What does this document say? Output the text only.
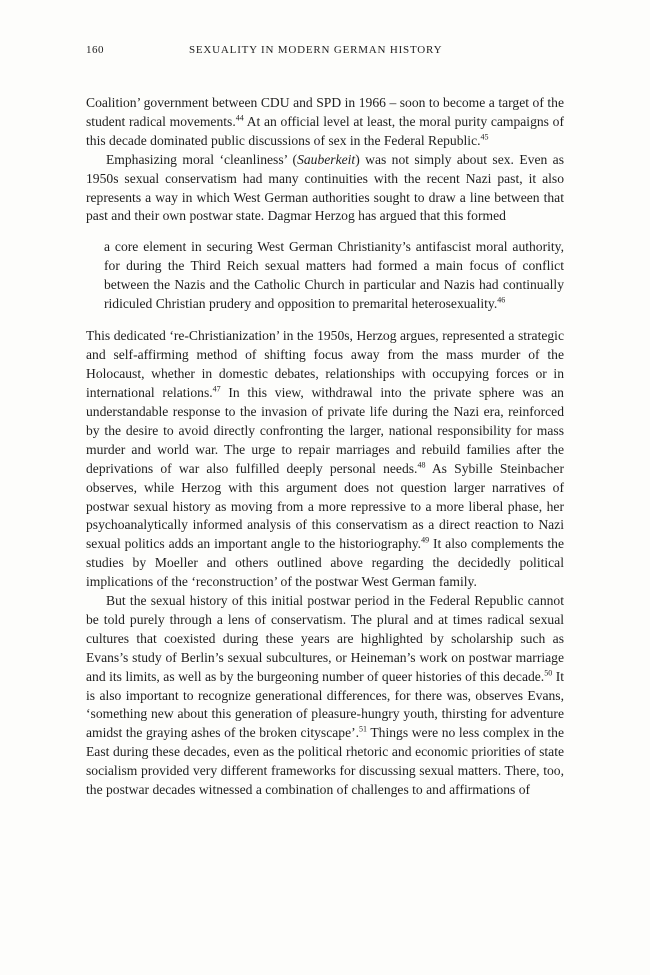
160	SEXUALITY IN MODERN GERMAN HISTORY

Coalition’ government between CDU and SPD in 1966 – soon to become a target of the student radical movements.$^{44}$ At an official level at least, the moral purity campaigns of this decade dominated public discussions of sex in the Federal Republic.$^{45}$

Emphasizing moral ‘cleanliness’ (Sauberkeit) was not simply about sex. Even as 1950s sexual conservatism had many continuities with the recent Nazi past, it also represents a way in which West German authorities sought to draw a line between that past and their own postwar state. Dagmar Herzog has argued that this formed

a core element in securing West German Christianity’s antifascist moral authority, for during the Third Reich sexual matters had formed a main focus of conflict between the Nazis and the Catholic Church in particular and Nazis had continually ridiculed Christian prudery and opposition to premarital heterosexuality.$^{46}$

This dedicated ‘re-Christianization’ in the 1950s, Herzog argues, represented a strategic and self-affirming method of shifting focus away from the mass murder of the Holocaust, whether in domestic debates, relationships with occupying forces or in international relations.$^{47}$ In this view, withdrawal into the private sphere was an understandable response to the invasion of private life during the Nazi era, reinforced by the desire to avoid directly confronting the larger, national responsibility for mass murder and world war. The urge to repair marriages and rebuild families after the deprivations of war also fulfilled deeply personal needs.$^{48}$ As Sybille Steinbacher observes, while Herzog with this argument does not question larger narratives of postwar sexual history as moving from a more repressive to a more liberal phase, her psychoanalytically informed analysis of this conservatism as a direct reaction to Nazi sexual politics adds an important angle to the historiography.$^{49}$ It also complements the studies by Moeller and others outlined above regarding the decidedly political implications of the ‘reconstruction’ of the postwar West German family.

But the sexual history of this initial postwar period in the Federal Republic cannot be told purely through a lens of conservatism. The plural and at times radical sexual cultures that coexisted during these years are highlighted by scholarship such as Evans’s study of Berlin’s sexual subcultures, or Heineman’s work on postwar marriage and its limits, as well as by the burgeoning number of queer histories of this decade.$^{50}$ It is also important to recognize generational differences, for there was, observes Evans, ‘something new about this generation of pleasure-hungry youth, thirsting for adventure amidst the graying ashes of the broken cityscape’.$^{51}$ Things were no less complex in the East during these decades, even as the political rhetoric and economic priorities of state socialism provided very different frameworks for discussing sexual matters. There, too, the postwar decades witnessed a combination of challenges to and affirmations of
